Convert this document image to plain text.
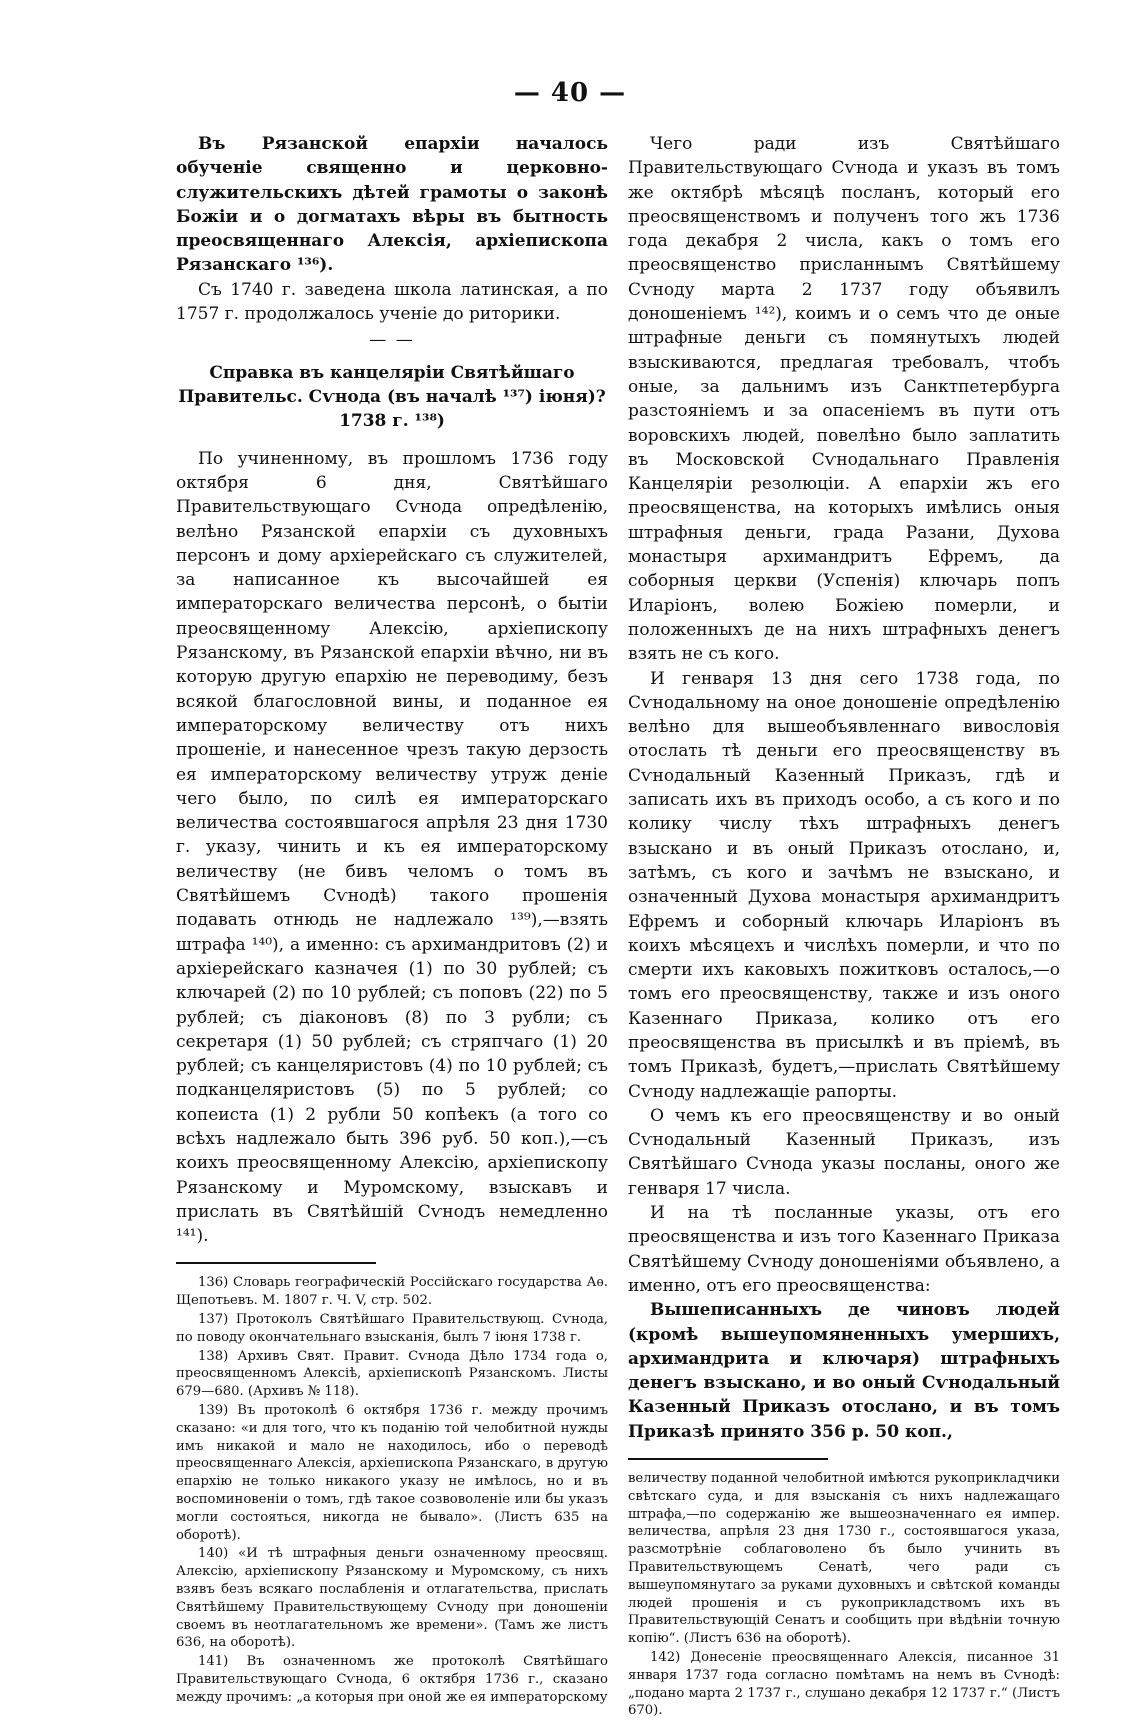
— 40 —

Въ Рязанской епархіи началось обученіе священно и церковно-служительскихъ дѣтей грамоты о законѣ Божіи и о догматахъ вѣры въ бытность преосвященнаго Алексія, архіепископа Рязанскаго ¹³⁶).

Съ 1740 г. заведена школа латинская, а по 1757 г. продолжалось ученіе до риторики.

— —
Справка въ канцеляріи Святѣйшаго Правительс. Сѵнода (въ началѣ ¹³⁷) іюня)? 1738 г. ¹³⁸)

По учиненному, въ прошломъ 1736 году октября 6 дня, Святѣйшаго Правительствующаго Сѵнода опредѣленію, велѣно Рязанской епархіи съ духовныхъ персонъ и дому архіерейскаго съ служителей, за написанное къ высочайшей ея императорскаго величества персонѣ, о бытіи преосвященному Алексію, архіепископу Рязанскому, въ Рязанской епархіи вѣчно, ни въ которую другую епархію не переводиму, безъ всякой благословной вины, и поданное ея императорскому величеству отъ нихъ прошеніе, и нанесенное чрезъ такую дерзость ея императорскому величеству утруж деніе чего было, по силѣ ея императорскаго величества состоявшагося апрѣля 23 дня 1730 г. указу, чинить и къ ея императорскому величеству (не бивъ челомъ о томъ въ Святѣйшемъ Сѵнодѣ) такого прошенія подавать отнюдь не надлежало ¹³⁹),—взять штрафа ¹⁴⁰), а именно: съ архимандритовъ (2) и архіерейскаго казначея (1) по 30 рублей; съ ключарей (2) по 10 рублей; съ поповъ (22) по 5 рублей; съ діаконовъ (8) по 3 рубли; съ секретаря (1) 50 рублей; съ стряпчаго (1) 20 рублей; съ канцеляристовъ (4) по 10 рублей; съ подканцеляристовъ (5) по 5 рублей; со копеиста (1) 2 рубли 50 копѣекъ (а того со всѣхъ надлежало быть 396 руб. 50 коп.),—съ коихъ преосвященному Алексію, архіепископу Рязанскому и Муромскому, взыскавъ и прислать въ Святѣйшій Сѵнодъ немедленно ¹⁴¹).

136) Словарь географическій Россійскаго государства Аѳ. Щепотьевъ. М. 1807 г. Ч. V, стр. 502.

137) Протоколъ Святѣйшаго Правительствующ. Сѵнода, по поводу окончательнаго взысканія, былъ 7 іюня 1738 г.

138) Архивъ Свят. Правит. Сѵнода Дѣло 1734 года о, преосвященномъ Алексіѣ, архіепископѣ Рязанскомъ. Листы 679—680. (Архивъ № 118).

139) Въ протоколѣ 6 октября 1736 г. между прочимъ сказано: «и для того, что къ поданію той челобитной нужды имъ никакой и мало не находилось, ибо о переводѣ преосвященнаго Алексія, архіепископа Рязанскаго, в другую епархію не только никакого указу не имѣлось, но и въ воспоминовеніи о томъ, гдѣ такое созвоволеніе или бы указъ могли состояться, никогда не бывало». (Листъ 635 на оборотѣ).

140) «И тѣ штрафныя деньги означенному преосвящ. Алексію, архіепископу Рязанскому и Муромскому, съ нихъ взявъ безъ всякаго послабленія и отлагательства, прислать Святѣйшему Правительствующему Сѵноду при доношеніи своемъ въ неотлагательномъ же времени». (Тамъ же листъ 636, на оборотѣ).

141) Въ означенномъ же протоколѣ Святѣйшаго Правительствующаго Сѵнода, 6 октября 1736 г., сказано между прочимъ: „а которыя при оной же ея императорскому

Чего ради изъ Святѣйшаго Правительствующаго Сѵнода и указъ въ томъ же октябрѣ мѣсяцѣ посланъ, который его преосвященствомъ и полученъ того жъ 1736 года декабря 2 числа, какъ о томъ его преосвященство присланнымъ Святѣйшему Сѵноду марта 2 1737 году объявилъ доношеніемъ ¹⁴²), коимъ и о семъ что де оные штрафные деньги съ помянутыхъ людей взыскиваются, предлагая требовалъ, чтобъ оные, за дальнимъ изъ Санктпетербурга разстояніемъ и за опасеніемъ въ пути отъ воровскихъ людей, повелѣно было заплатить въ Московской Сѵнодальнаго Правленія Канцеляріи резолюціи. А епархіи жъ его преосвященства, на которыхъ имѣлись оныя штрафныя деньги, града Разани, Духова монастыря архимандритъ Ефремъ, да соборныя церкви (Успенія) ключарь попъ Иларіонъ, волею Божіею померли, и положенныхъ де на нихъ штрафныхъ денегъ взять не съ кого.

И генваря 13 дня сего 1738 года, по Сѵнодальному на оное доношеніе опредѣленію велѣно для вышеобъявленнаго вивословія отослать тѣ деньги его преосвященству въ Сѵнодальный Казенный Приказъ, гдѣ и записать ихъ въ приходъ особо, а съ кого и по колику числу тѣхъ штрафныхъ денегъ взыскано и въ оный Приказъ отослано, и, затѣмъ, съ кого и зачѣмъ не взыскано, и означенный Духова монастыря архимандритъ Ефремъ и соборный ключарь Иларіонъ въ коихъ мѣсяцехъ и числѣхъ померли, и что по смерти ихъ каковыхъ пожитковъ осталось,—о томъ его преосвященству, также и изъ оного Казеннаго Приказа, колико отъ его преосвященства въ присылкѣ и въ пріемѣ, въ томъ Приказѣ, будетъ,—прислать Святѣйшему Сѵноду надлежащіе рапорты.

О чемъ къ его преосвященству и во оный Сѵнодальный Казенный Приказъ, изъ Святѣйшаго Сѵнода указы посланы, оного же генваря 17 числа.

И на тѣ посланные указы, отъ его преосвященства и изъ того Казеннаго Приказа Святѣйшему Сѵноду доношеніями объявлено, а именно, отъ его преосвященства:

Вышеписанныхъ де чиновъ людей (кромѣ вышеупомяненныхъ умершихъ, архимандрита и ключаря) штрафныхъ денегъ взыскано, и во оный Сѵнодальный Казенный Приказъ отослано, и въ томъ Приказѣ принято 356 р. 50 коп.,

величеству поданной челобитной имѣются рукоприкладчики свѣтскаго суда, и для взысканія съ нихъ надлежащаго штрафа,—по содержанію же вышеозначеннаго ея импер. величества, апрѣля 23 дня 1730 г., состоявшагося указа, разсмотрѣніе соблаговолено бъ было учинить въ Правительствующемъ Сенатѣ, чего ради съ вышеупомянутаго за руками духовныхъ и свѣтской команды людей прошенія и съ рукоприкладствомъ ихъ въ Правительствующій Сенатъ и сообщить при вѣдѣніи точную копію“. (Листъ 636 на оборотѣ).

142) Донесеніе преосвященнаго Алексія, писанное 31 января 1737 года согласно помѣтамъ на немъ въ Сѵнодѣ: „подано марта 2 1737 г., слушано декабря 12 1737 г.“ (Листъ 670).
